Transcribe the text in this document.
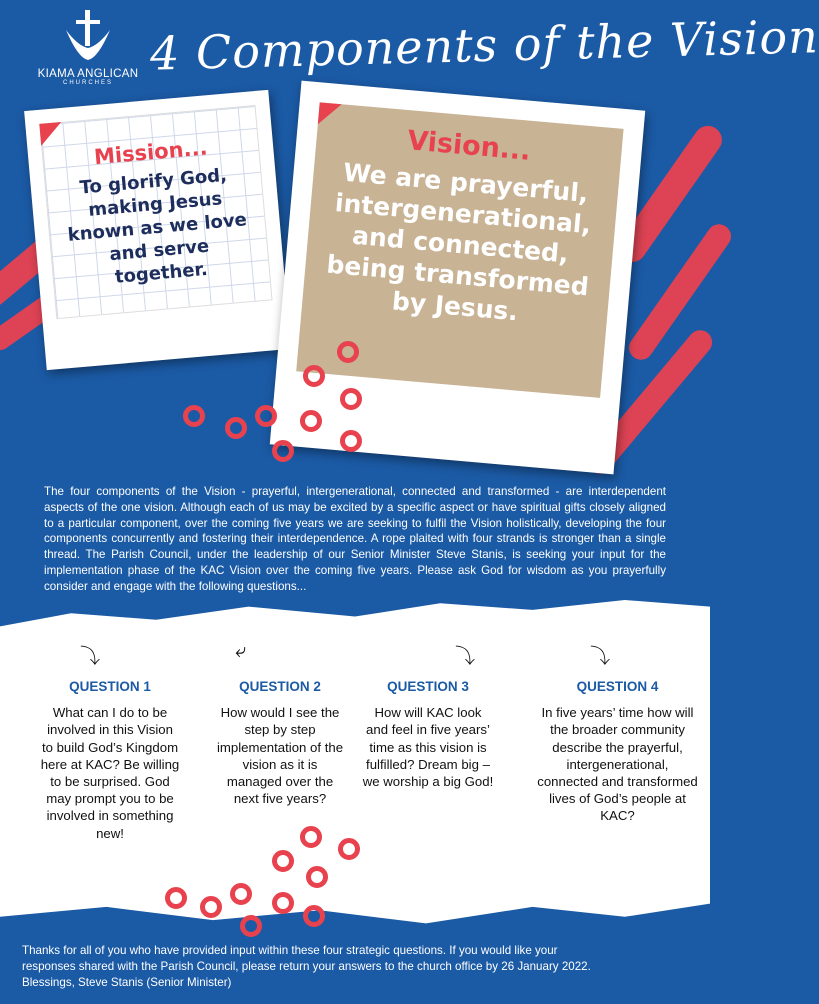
KIAMA ANGLICAN
CHURCHES
4 Components of the Vision
Mission...
To glorify God, making Jesus known as we love and serve together.
Vision...
We are prayerful, intergenerational, and connected, being transformed by Jesus.
The four components of the Vision - prayerful, intergenerational, connected and transformed - are interdependent aspects of the one vision. Although each of us may be excited by a specific aspect or have spiritual gifts closely aligned to a particular component, over the coming five years we are seeking to fulfil the Vision holistically, developing the four components concurrently and fostering their interdependence. A rope plaited with four strands is stronger than a single thread. The Parish Council, under the leadership of our Senior Minister Steve Stanis, is seeking your input for the implementation phase of the KAC Vision over the coming five years. Please ask God for wisdom as you prayerfully consider and engage with the following questions...
⤵	⤶	⤵	⤵
QUESTION 1
What can I do to be involved in this Vision to build God’s Kingdom here at KAC? Be willing to be surprised. God may prompt you to be involved in something new!
QUESTION 2
How would I see the step by step implementation of the vision as it is managed over the next five years?
QUESTION 3
How will KAC look and feel in five years’ time as this vision is fulfilled? Dream big – we worship a big God!
QUESTION 4
In five years’ time how will the broader community describe the prayerful, intergenerational, connected and transformed lives of God’s people at KAC?
Thanks for all of you who have provided input within these four strategic questions. If you would like your
responses shared with the Parish Council, please return your answers to the church office by 26 January 2022.
Blessings, Steve Stanis (Senior Minister)
